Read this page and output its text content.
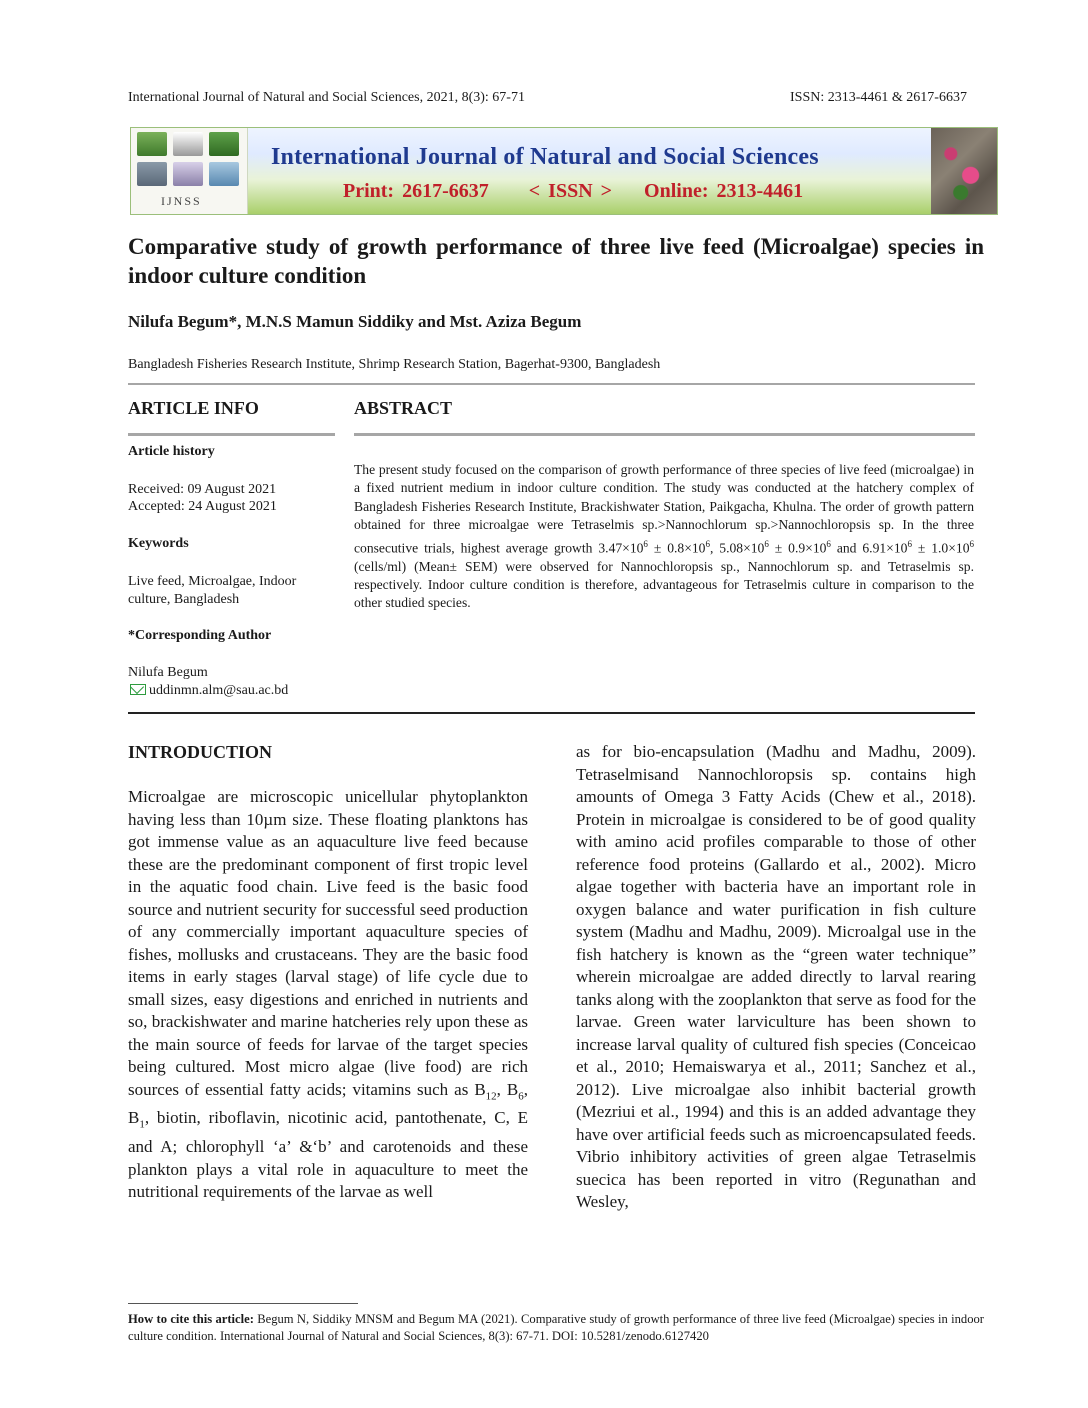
International Journal of Natural and Social Sciences, 2021, 8(3): 67-71	ISSN: 2313-4461 & 2617-6637
IJNSS
International Journal of Natural and Social Sciences
Print: 2617-6637 < ISSN > Online: 2313-4461
Comparative study of growth performance of three live feed (Microalgae) species in indoor culture condition
Nilufa Begum*, M.N.S Mamun Siddiky and Mst. Aziza Begum
Bangladesh Fisheries Research Institute, Shrimp Research Station, Bagerhat-9300, Bangladesh
ARTICLE INFO	ABSTRACT
Article history
Received: 09 August 2021
Accepted: 24 August 2021
Keywords
Live feed, Microalgae, Indoor culture, Bangladesh
*Corresponding Author
Nilufa Begum
uddinmn.alm@sau.ac.bd
The present study focused on the comparison of growth performance of three species of live feed (microalgae) in a fixed nutrient medium in indoor culture condition. The study was conducted at the hatchery complex of Bangladesh Fisheries Research Institute, Brackishwater Station, Paikgacha, Khulna. The order of growth pattern obtained for three microalgae were Tetraselmis sp.>Nannochlorum sp.>Nannochloropsis sp. In the three consecutive trials, highest average growth $3.47\times 10^6 \pm 0.8\times 10^6$, $5.08\times 10^6 \pm 0.9\times 10^6$ and $6.91\times 10^6 \pm 1.0\times 10^6$ (cells/ml) (Mean± SEM) were observed for Nannochloropsis sp., Nannochlorum sp. and Tetraselmis sp. respectively. Indoor culture condition is therefore, advantageous for Tetraselmis culture in comparison to the other studied species.
INTRODUCTION

Microalgae are microscopic unicellular phytoplankton having less than 10µm size. These floating planktons has got immense value as an aquaculture live feed because these are the predominant component of first tropic level in the aquatic food chain. Live feed is the basic food source and nutrient security for successful seed production of any commercially important aquaculture species of fishes, mollusks and crustaceans. They are the basic food items in early stages (larval stage) of life cycle due to small sizes, easy digestions and enriched in nutrients and so, brackishwater and marine hatcheries rely upon these as the main source of feeds for larvae of the target species being cultured. Most micro algae (live food) are rich sources of essential fatty acids; vitamins such as $B_{12}$, $B_6$, $B_1$, biotin, riboflavin, nicotinic acid, pantothenate, C, E and A; chlorophyll ‘a’ &‘b’ and carotenoids and these plankton plays a vital role in aquaculture to meet the nutritional requirements of the larvae as well

as for bio-encapsulation (Madhu and Madhu, 2009). Tetraselmisand Nannochloropsis sp. contains high amounts of Omega 3 Fatty Acids (Chew et al., 2018). Protein in microalgae is considered to be of good quality with amino acid profiles comparable to those of other reference food proteins (Gallardo et al., 2002). Micro algae together with bacteria have an important role in oxygen balance and water purification in fish culture system (Madhu and Madhu, 2009). Microalgal use in the fish hatchery is known as the “green water technique” wherein microalgae are added directly to larval rearing tanks along with the zooplankton that serve as food for the larvae. Green water larviculture has been shown to increase larval quality of cultured fish species (Conceicao et al., 2010; Hemaiswarya et al., 2011; Sanchez et al., 2012). Live microalgae also inhibit bacterial growth (Mezriui et al., 1994) and this is an added advantage they have over artificial feeds such as microencapsulated feeds. Vibrio inhibitory activities of green algae Tetraselmis suecica has been reported in vitro (Regunathan and Wesley,

How to cite this article: Begum N, Siddiky MNSM and Begum MA (2021). Comparative study of growth performance of three live feed (Microalgae) species in indoor culture condition. International Journal of Natural and Social Sciences, 8(3): 67-71. DOI: 10.5281/zenodo.6127420
